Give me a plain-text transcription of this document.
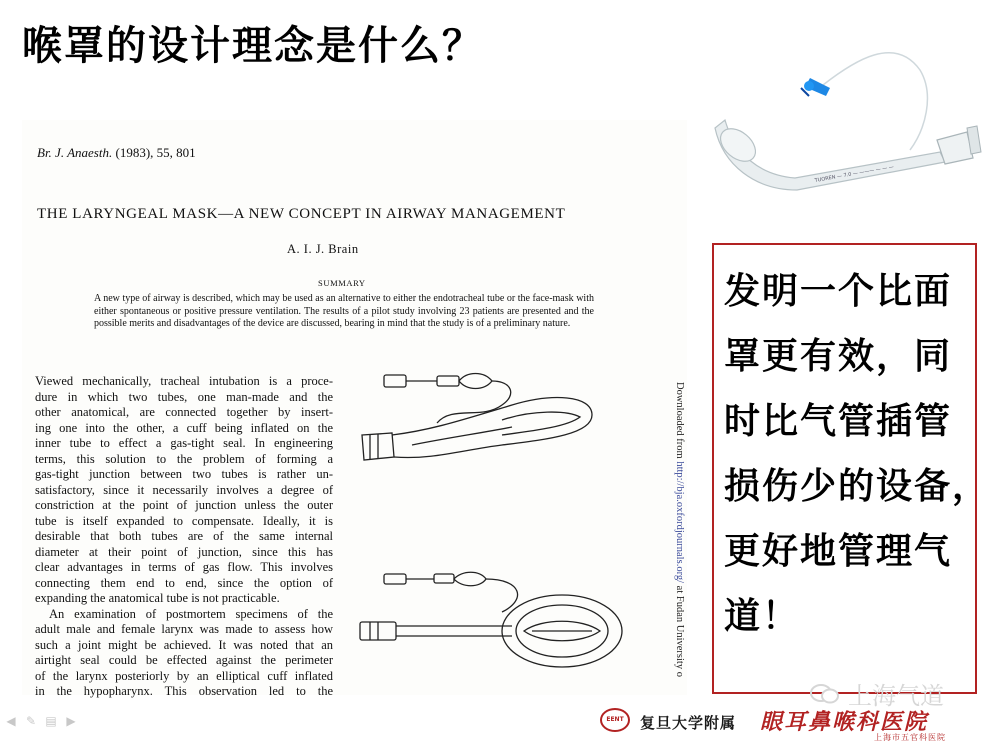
喉罩的设计理念是什么？
TUOREN — 7.0 — ——— — — —
Br. J. Anaesth. (1983), 55, 801
THE LARYNGEAL MASK—A NEW CONCEPT IN AIRWAY MANAGEMENT
A. I. J. Brain
SUMMARY
A new type of airway is described, which may be used as an alternative to either the endotracheal tube or the face-mask with either spontaneous or positive pressure ventilation. The results of a pilot study involving 23 patients are presented and the possible merits and disadvantages of the device are discussed, bearing in mind that the study is of a preliminary nature.
Viewed mechanically, tracheal intubation is a proce-
dure in which two tubes, one man-made and the
other anatomical, are connected together by insert-
ing one into the other, a cuff being inflated on the
inner tube to effect a gas-tight seal. In engineering
terms, this solution to the problem of forming a
gas-tight junction between two tubes is rather un-
satisfactory, since it necessarily involves a degree of
constriction at the point of junction unless the outer
tube is itself expanded to compensate. Ideally, it is
desirable that both tubes are of the same internal
diameter at their point of junction, since this has
clear advantages in terms of gas flow. This involves
connecting them end to end, since the option of
expanding the anatomical tube is not practicable.
An examination of postmortem specimens of the
adult male and female larynx was made to assess how
such a joint might be achieved. It was noted that an
airtight seal could be effected against the perimeter
of the larynx posteriorly by an elliptical cuff inflated
in the hypopharynx. This observation led to the
Downloaded from http://bja.oxfordjournals.org/ at Fudan University o
发明一个比面
罩更有效，同
时比气管插管
损伤少的设备，
更好地管理气
道！
◀ ✎ ▤ ▶
上海气道
EENT	复旦大学附属 眼耳鼻喉科医院
上海市五官科医院
